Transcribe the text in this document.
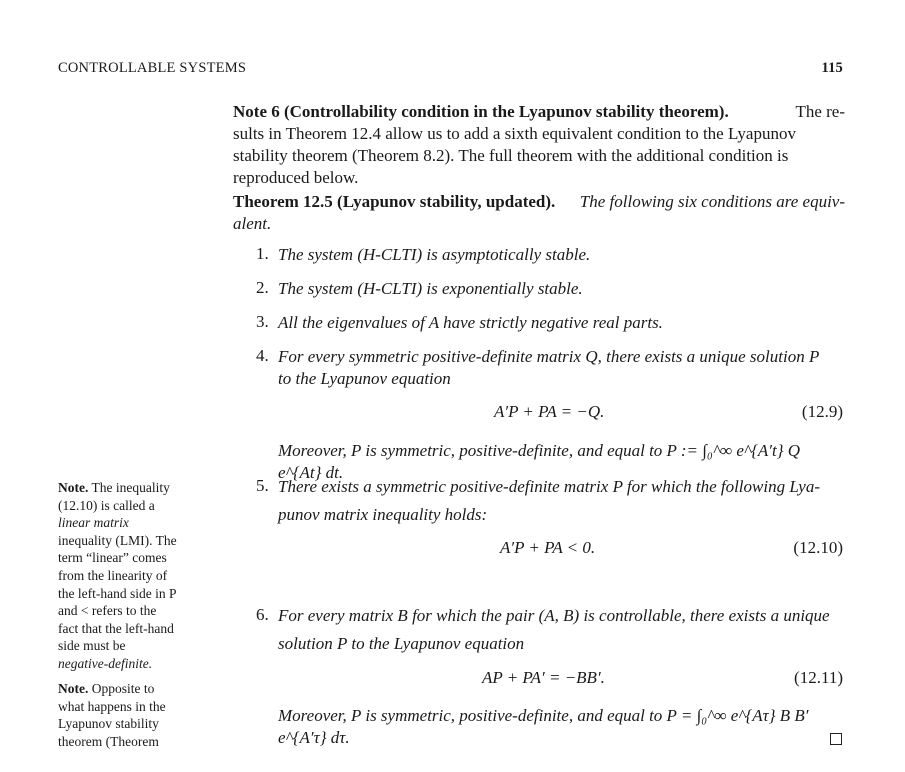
CONTROLLABLE SYSTEMS	115
Note 6 (Controllability condition in the Lyapunov stability theorem).	The re-
sults in Theorem 12.4 allow us to add a sixth equivalent condition to the Lyapunov
stability theorem (Theorem 8.2). The full theorem with the additional condition is
reproduced below.
Theorem 12.5 (Lyapunov stability, updated). The following six conditions are equiv-
alent.
1. The system (H-CLTI) is asymptotically stable.
2. The system (H-CLTI) is exponentially stable.
3. All the eigenvalues of A have strictly negative real parts.
4. For every symmetric positive-definite matrix Q, there exists a unique solution P
to the Lyapunov equation
A′P + PA = −Q.	(12.9)
Moreover, P is symmetric, positive-definite, and equal to P := ∫₀^∞ e^{A′t} Q e^{At} dt.
5. There exists a symmetric positive-definite matrix P for which the following Lya-
punov matrix inequality holds:
A′P + PA < 0.	(12.10)
6. For every matrix B for which the pair (A, B) is controllable, there exists a unique
solution P to the Lyapunov equation
AP + PA′ = −BB′.	(12.11)
Moreover, P is symmetric, positive-definite, and equal to P = ∫₀^∞ e^{Aτ} B B′ e^{A′τ} dτ.
Note. The inequality
(12.10) is called a
linear matrix
inequality (LMI). The
term “linear” comes
from the linearity of
the left-hand side in P
and < refers to the
fact that the left-hand
side must be
negative-definite.
Note. Opposite to
what happens in the
Lyapunov stability
theorem (Theorem
